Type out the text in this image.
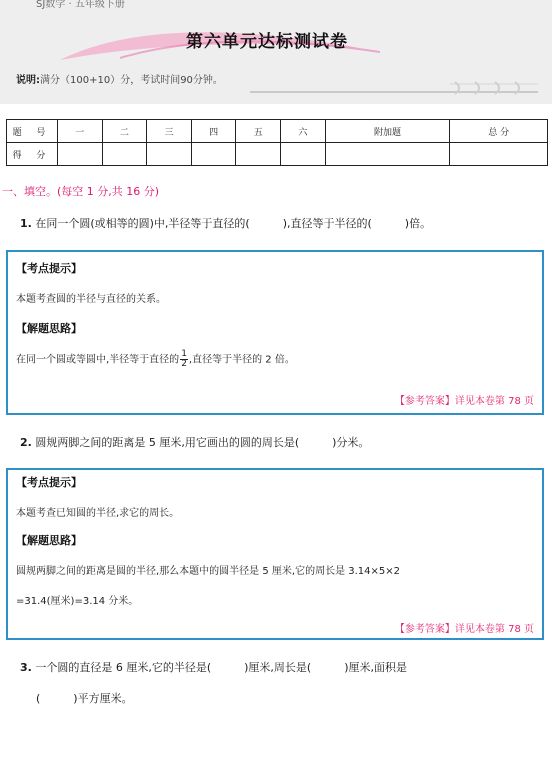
SJ数学 · 五年级下册
第六单元达标测试卷
说明:满分（100+10）分，考试时间90分钟。
题 号	一	二	三	四	五	六	附加题	总 分
得 分								
一、填空。(每空 1 分,共 16 分)
1. 在同一个圆(或相等的圆)中,半径等于直径的(　　　),直径等于半径的(　　　)倍。
【考点提示】
本题考查圆的半径与直径的关系。
【解题思路】
在同一个圆或等圆中,半径等于直径的 $\frac{1}{2}$ ,直径等于半径的 2 倍。
【参考答案】详见本卷第 78 页
2. 圆规两脚之间的距离是 5 厘米,用它画出的圆的周长是(　　　)分米。
【考点提示】
本题考查已知圆的半径,求它的周长。
【解题思路】
圆规两脚之间的距离是圆的半径,那么本题中的圆半径是 5 厘米,它的周长是 3.14×5×2
=31.4(厘米)=3.14 分米。
【参考答案】详见本卷第 78 页
3. 一个圆的直径是 6 厘米,它的半径是(　　　)厘米,周长是(　　　)厘米,面积是
(　　　)平方厘米。
